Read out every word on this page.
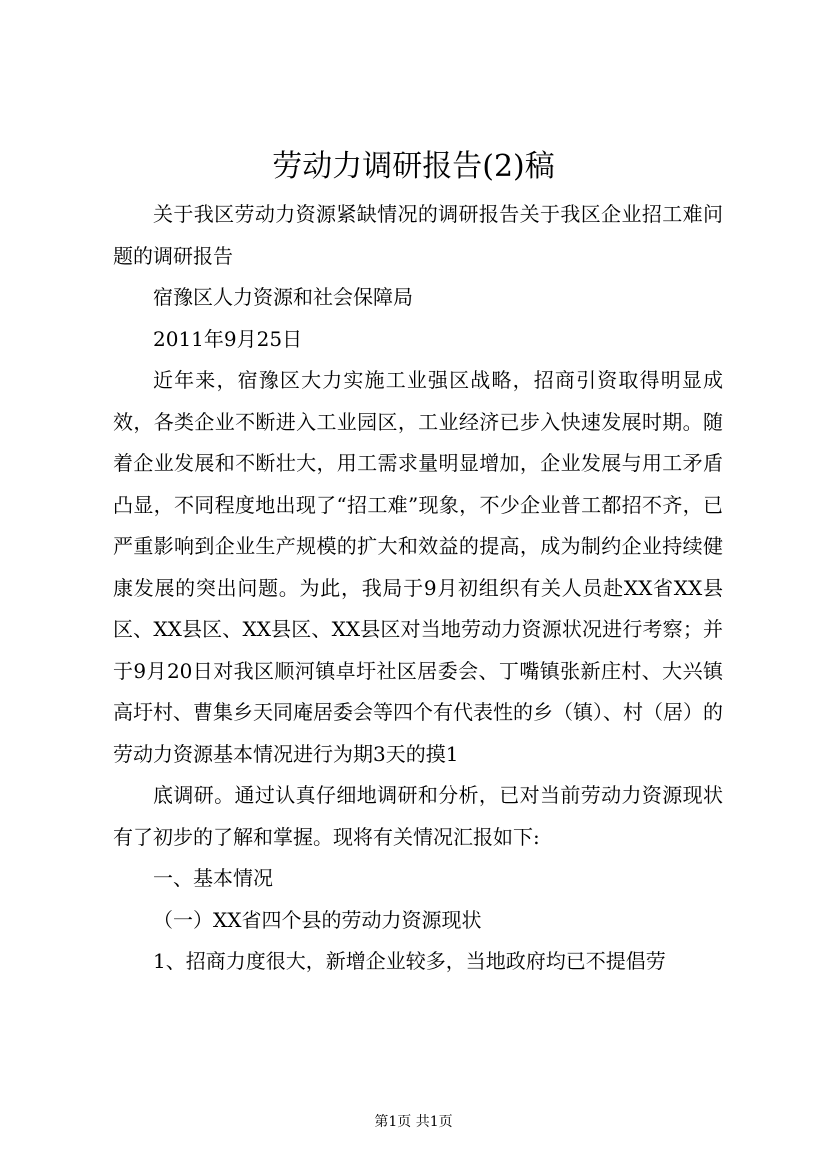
劳动力调研报告(2)稿

关于我区劳动力资源紧缺情况的调研报告关于我区企业招工难问题的调研报告

宿豫区人力资源和社会保障局

2011年9月25日

近年来，宿豫区大力实施工业强区战略，招商引资取得明显成效，各类企业不断进入工业园区，工业经济已步入快速发展时期。随着企业发展和不断壮大，用工需求量明显增加，企业发展与用工矛盾凸显，不同程度地出现了“招工难”现象，不少企业普工都招不齐，已严重影响到企业生产规模的扩大和效益的提高，成为制约企业持续健康发展的突出问题。为此，我局于9月初组织有关人员赴XX省XX县区、XX县区、XX县区、XX县区对当地劳动力资源状况进行考察；并于9月20日对我区顺河镇卓圩社区居委会、丁嘴镇张新庄村、大兴镇高圩村、曹集乡天同庵居委会等四个有代表性的乡（镇）、村（居）的劳动力资源基本情况进行为期3天的摸1

底调研。通过认真仔细地调研和分析，已对当前劳动力资源现状有了初步的了解和掌握。现将有关情况汇报如下:

一、基本情况

（一）XX省四个县的劳动力资源现状

1、招商力度很大，新增企业较多，当地政府均已不提倡劳

第1页 共1页
